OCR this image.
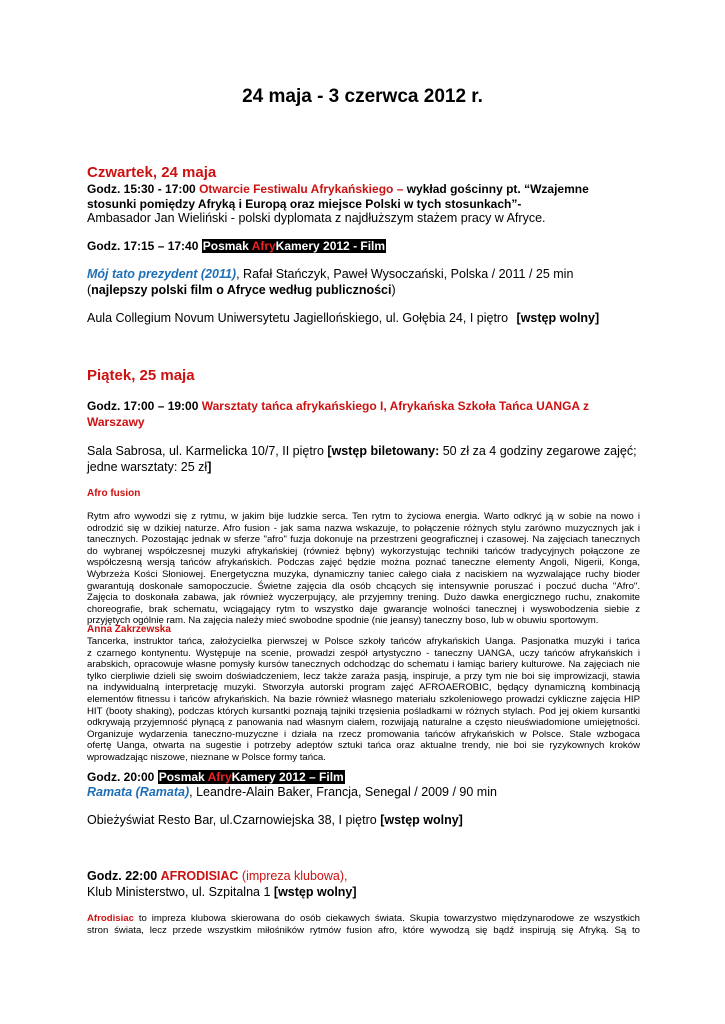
24 maja - 3 czerwca 2012 r.
Czwartek, 24 maja
Godz. 15:30 - 17:00 Otwarcie Festiwalu Afrykańskiego – wykład gościnny pt. “Wzajemne
stosunki pomiędzy Afryką i Europą oraz miejsce Polski w tych stosunkach”-
Ambasador Jan Wieliński - polski dyplomata z najdłuższym stażem pracy w Afryce.
Godz. 17:15 – 17:40 Posmak AfryKamery 2012 - Film
Mój tato prezydent (2011), Rafał Stańczyk, Paweł Wysoczański, Polska / 2011 / 25 min
(najlepszy polski film o Afryce według publiczności)
Aula Collegium Novum Uniwersytetu Jagiellońskiego, ul. Gołębia 24, I piętro [wstęp wolny]
Piątek, 25 maja
Godz. 17:00 – 19:00 Warsztaty tańca afrykańskiego I, Afrykańska Szkoła Tańca UANGA z
Warszawy
Sala Sabrosa, ul. Karmelicka 10/7, II piętro [wstęp biletowany: 50 zł za 4 godziny zegarowe zajęć;
jedne warsztaty: 25 zł]
Afro fusion

Rytm afro wywodzi się z rytmu, w jakim bije ludzkie serca. Ten rytm to życiowa energia. Warto odkryć ją w sobie na nowo i

odrodzić się w dzikiej naturze. Afro fusion - jak sama nazwa wskazuje, to połączenie różnych stylu zarówno muzycznych jak i

tanecznych. Pozostając jednak w sferze "afro" fuzja dokonuje na przestrzeni geograficznej i czasowej. Na zajęciach tanecznych

do wybranej współczesnej muzyki afrykańskiej (również bębny) wykorzystując techniki tańców tradycyjnych połączone ze

współczesną wersją tańców afrykańskich. Podczas zajęć będzie można poznać taneczne elementy Angoli, Nigerii, Konga,

Wybrzeża Kości Słoniowej. Energetyczna muzyka, dynamiczny taniec całego ciała z naciskiem na wyzwalające ruchy bioder

gwarantują doskonałe samopoczucie. Świetne zajęcia dla osób chcących się intensywnie poruszać i poczuć ducha "Afro".

Zajęcia to doskonała zabawa, jak również wyczerpujący, ale przyjemny trening. Dużo dawka energicznego ruchu, znakomite

choreografie, brak schematu, wciągający rytm to wszystko daje gwarancje wolności tanecznej i wyswobodzenia siebie z

przyjętych ogólnie ram. Na zajęcia należy mieć swobodne spodnie (nie jeansy) taneczny boso, lub w obuwiu sportowym.

Anna Zakrzewska

Tancerka, instruktor tańca, założycielka pierwszej w Polsce szkoły tańców afrykańskich Uanga. Pasjonatka muzyki i tańca

z czarnego kontynentu. Występuje na scenie, prowadzi zespół artystyczno - taneczny UANGA, uczy tańców afrykańskich i

arabskich, opracowuje własne pomysły kursów tanecznych odchodząc do schematu i łamiąc bariery kulturowe. Na zajęciach nie

tylko cierpliwie dzieli się swoim doświadczeniem, lecz także zaraża pasją, inspiruje, a przy tym nie boi się improwizacji, stawia

na indywidualną interpretację muzyki. Stworzyła autorski program zajęć AFROAEROBIC, będący dynamiczną kombinacją

elementów fitnessu i tańców afrykańskich. Na bazie również własnego materiału szkoleniowego prowadzi cykliczne zajęcia HIP

HIT (booty shaking), podczas których kursantki poznają tajniki trzęsienia pośladkami w różnych stylach. Pod jej okiem kursantki

odkrywają przyjemność płynącą z panowania nad własnym ciałem, rozwijają naturalne a często nieuświadomione umiejętności.

Organizuje wydarzenia taneczno-muzyczne i działa na rzecz promowania tańców afrykańskich w Polsce. Stale wzbogaca

ofertę Uanga, otwarta na sugestie i potrzeby adeptów sztuki tańca oraz aktualne trendy, nie boi sie ryzykownych kroków

wprowadzając niszowe, nieznane w Polsce formy tańca.

Godz. 20:00 Posmak AfryKamery 2012 – Film
Ramata (Ramata), Leandre-Alain Baker, Francja, Senegal / 2009 / 90 min
Obieżyświat Resto Bar, ul.Czarnowiejska 38, I piętro [wstęp wolny]
Godz. 22:00 AFRODISIAC (impreza klubowa),
Klub Ministerstwo, ul. Szpitalna 1 [wstęp wolny]

Afrodisiac to impreza klubowa skierowana do osób ciekawych świata. Skupia towarzystwo międzynarodowe ze wszystkich

stron świata, lecz przede wszystkim miłośników rytmów fusion afro, które wywodzą się bądź inspirują się Afryką. Są to
